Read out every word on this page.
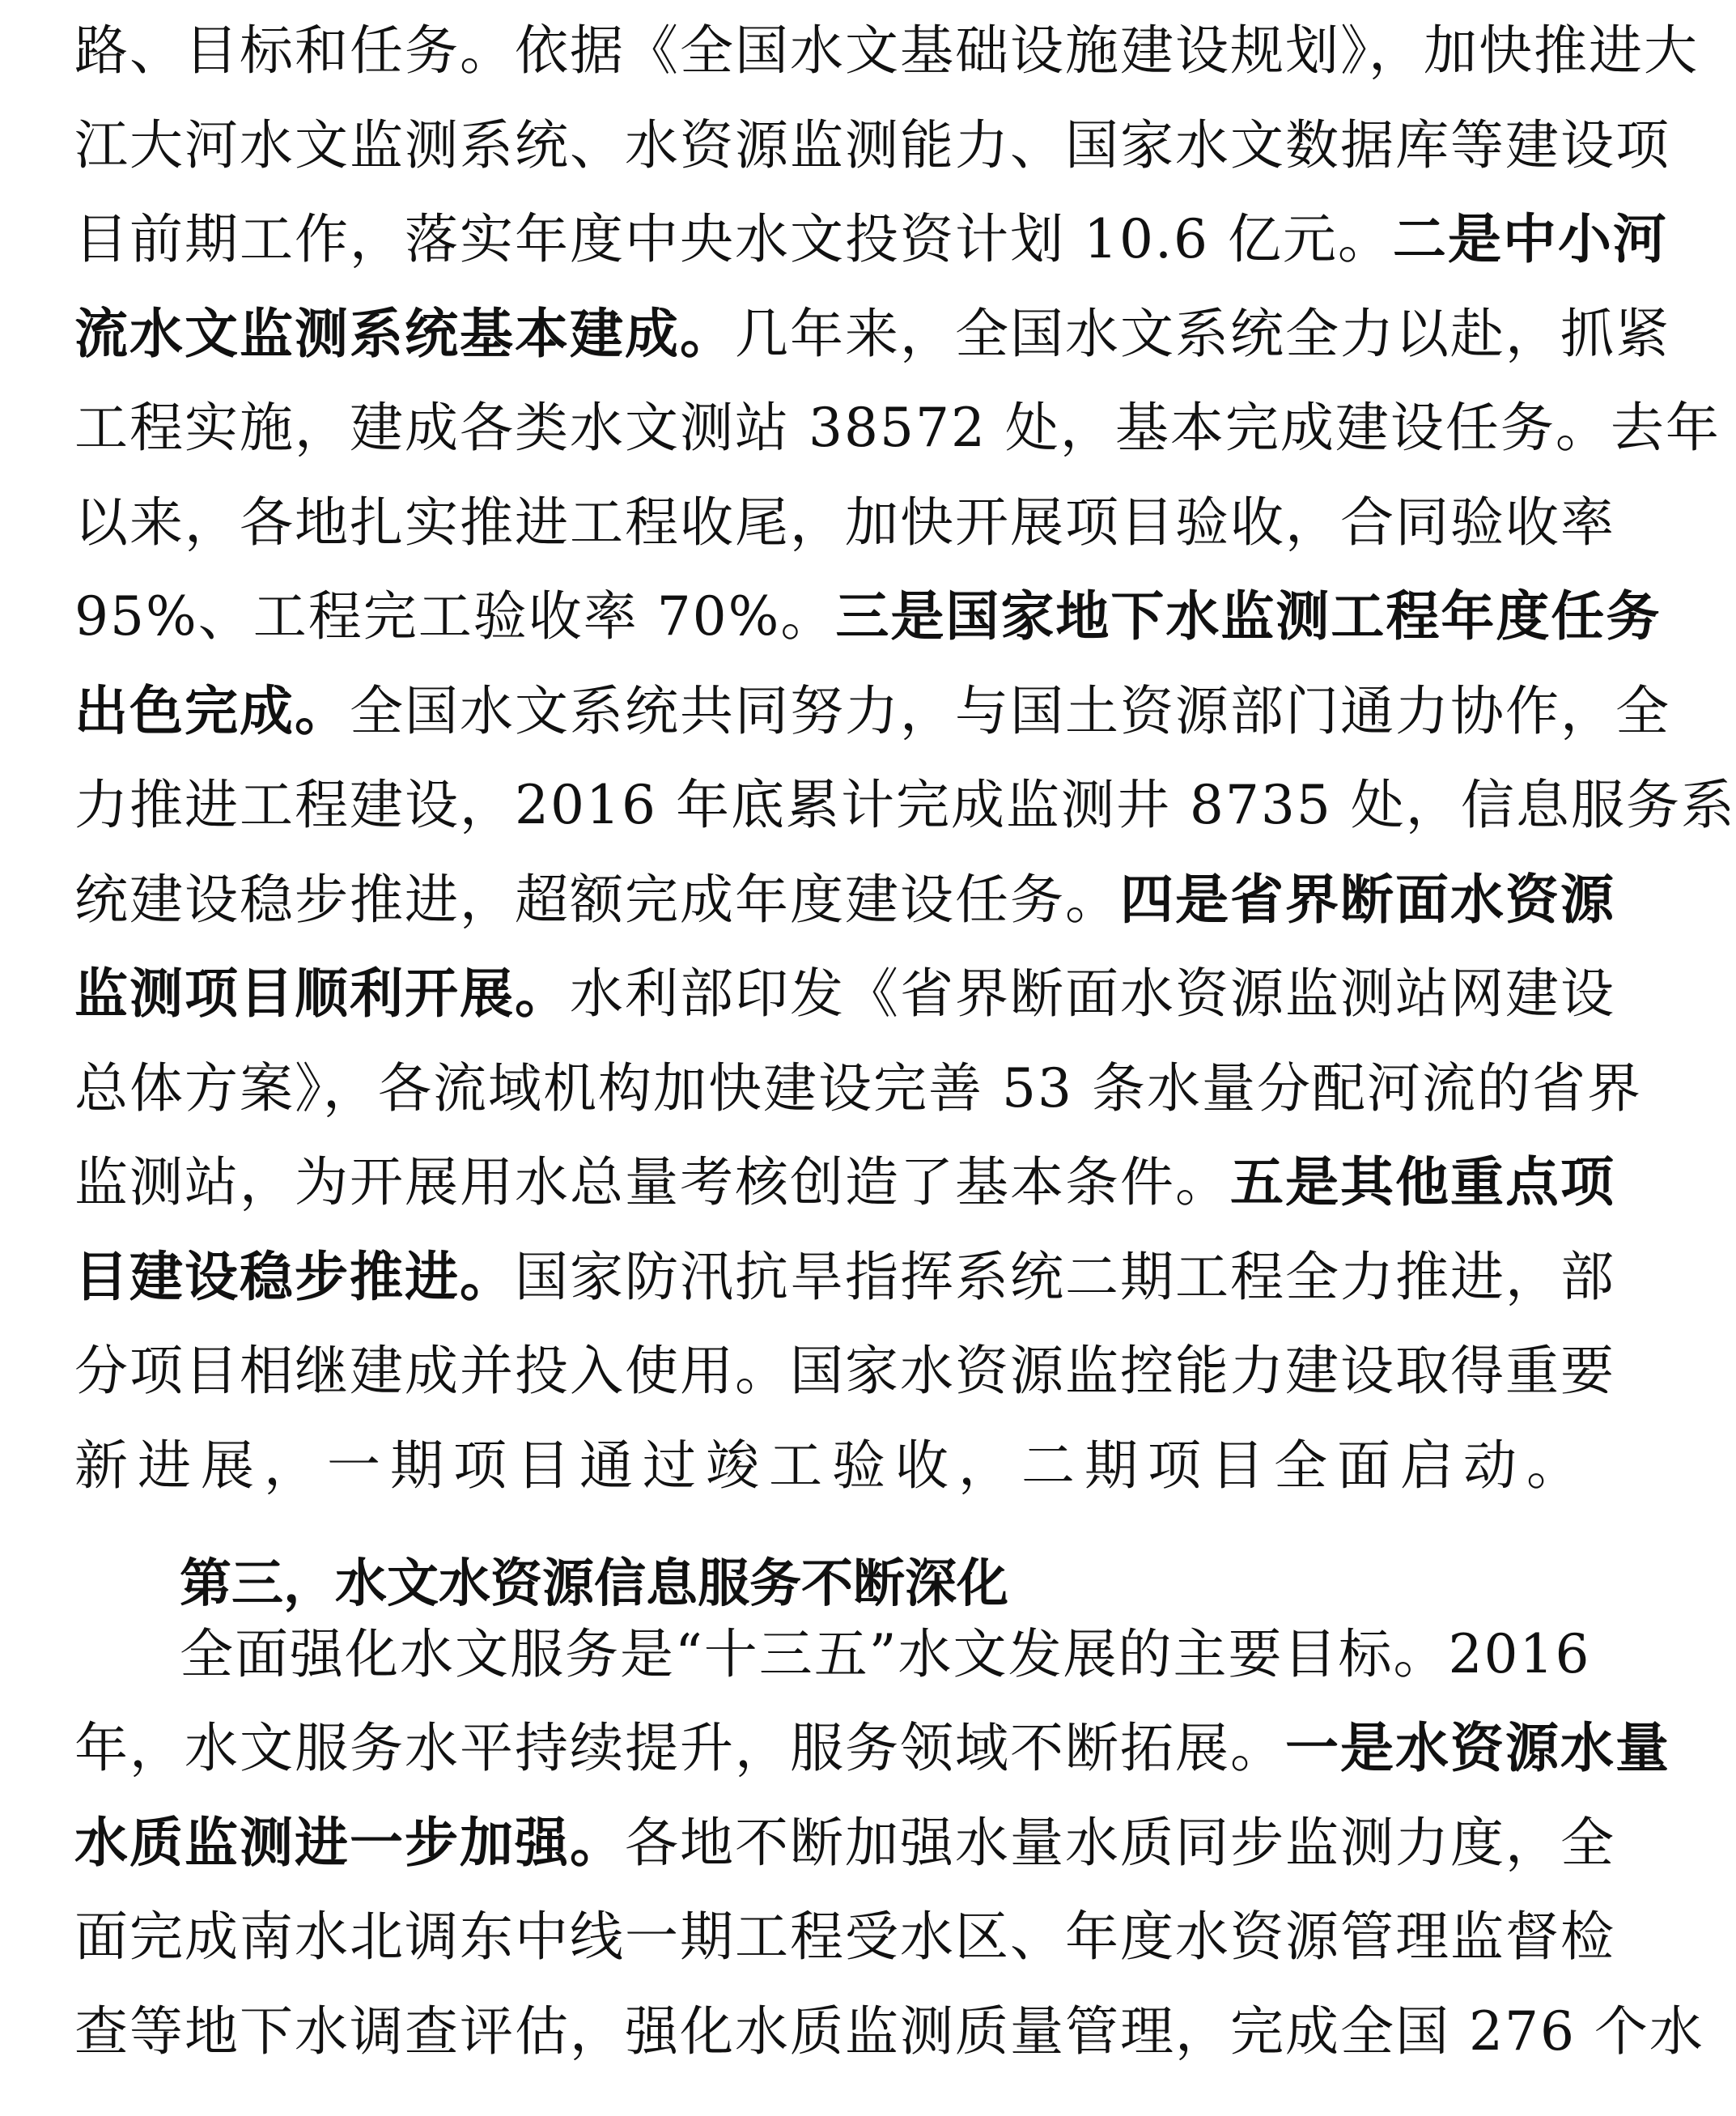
路、目标和任务。依据《全国水文基础设施建设规划》，加快推进大
江大河水文监测系统、水资源监测能力、国家水文数据库等建设项
目前期工作，落实年度中央水文投资计划 10.6 亿元。二是中小河
流水文监测系统基本建成。几年来，全国水文系统全力以赴，抓紧
工程实施，建成各类水文测站 38572 处，基本完成建设任务。去年
以来，各地扎实推进工程收尾，加快开展项目验收，合同验收率
95%、工程完工验收率 70%。三是国家地下水监测工程年度任务
出色完成。全国水文系统共同努力，与国土资源部门通力协作，全
力推进工程建设，2016 年底累计完成监测井 8735 处，信息服务系
统建设稳步推进，超额完成年度建设任务。四是省界断面水资源
监测项目顺利开展。水利部印发《省界断面水资源监测站网建设
总体方案》，各流域机构加快建设完善 53 条水量分配河流的省界
监测站，为开展用水总量考核创造了基本条件。五是其他重点项
目建设稳步推进。国家防汛抗旱指挥系统二期工程全力推进，部
分项目相继建成并投入使用。国家水资源监控能力建设取得重要
新进展，一期项目通过竣工验收，二期项目全面启动。
第三，水文水资源信息服务不断深化
全面强化水文服务是“十三五”水文发展的主要目标。2016
年，水文服务水平持续提升，服务领域不断拓展。一是水资源水量
水质监测进一步加强。各地不断加强水量水质同步监测力度，全
面完成南水北调东中线一期工程受水区、年度水资源管理监督检
查等地下水调查评估，强化水质监测质量管理，完成全国 276 个水
